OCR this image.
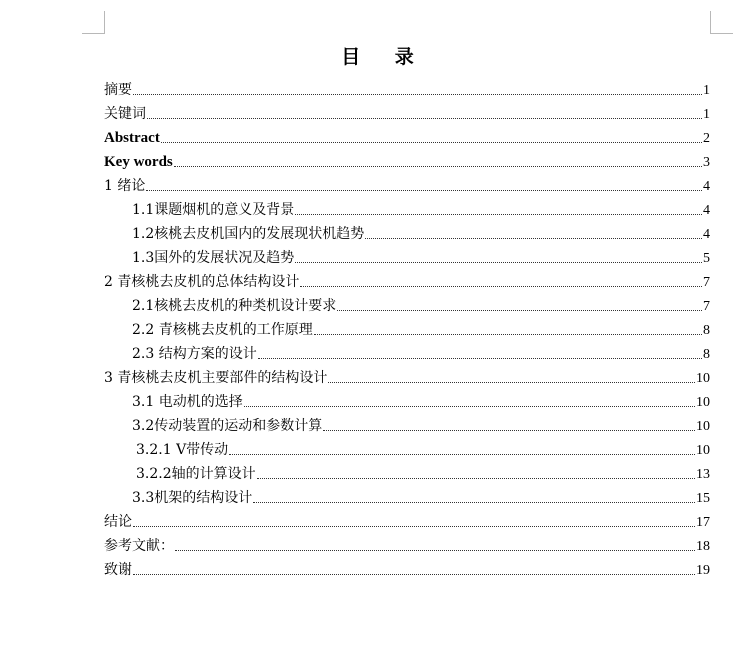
目 录
摘要	1
关键词	1
Abstract	2
Key words	3
1 绪论	4
1.1课题烟机的意义及背景	4
1.2核桃去皮机国内的发展现状机趋势	4
1.3国外的发展状况及趋势	5
2 青核桃去皮机的总体结构设计	7
2.1核桃去皮机的种类机设计要求	7
2.2 青核桃去皮机的工作原理	8
2.3 结构方案的设计	8
3 青核桃去皮机主要部件的结构设计	10
3.1 电动机的选择	10
3.2传动装置的运动和参数计算	10
3.2.1 V带传动	10
3.2.2轴的计算设计	13
3.3机架的结构设计	15
结论	17
参考文献：	18
致谢	19
